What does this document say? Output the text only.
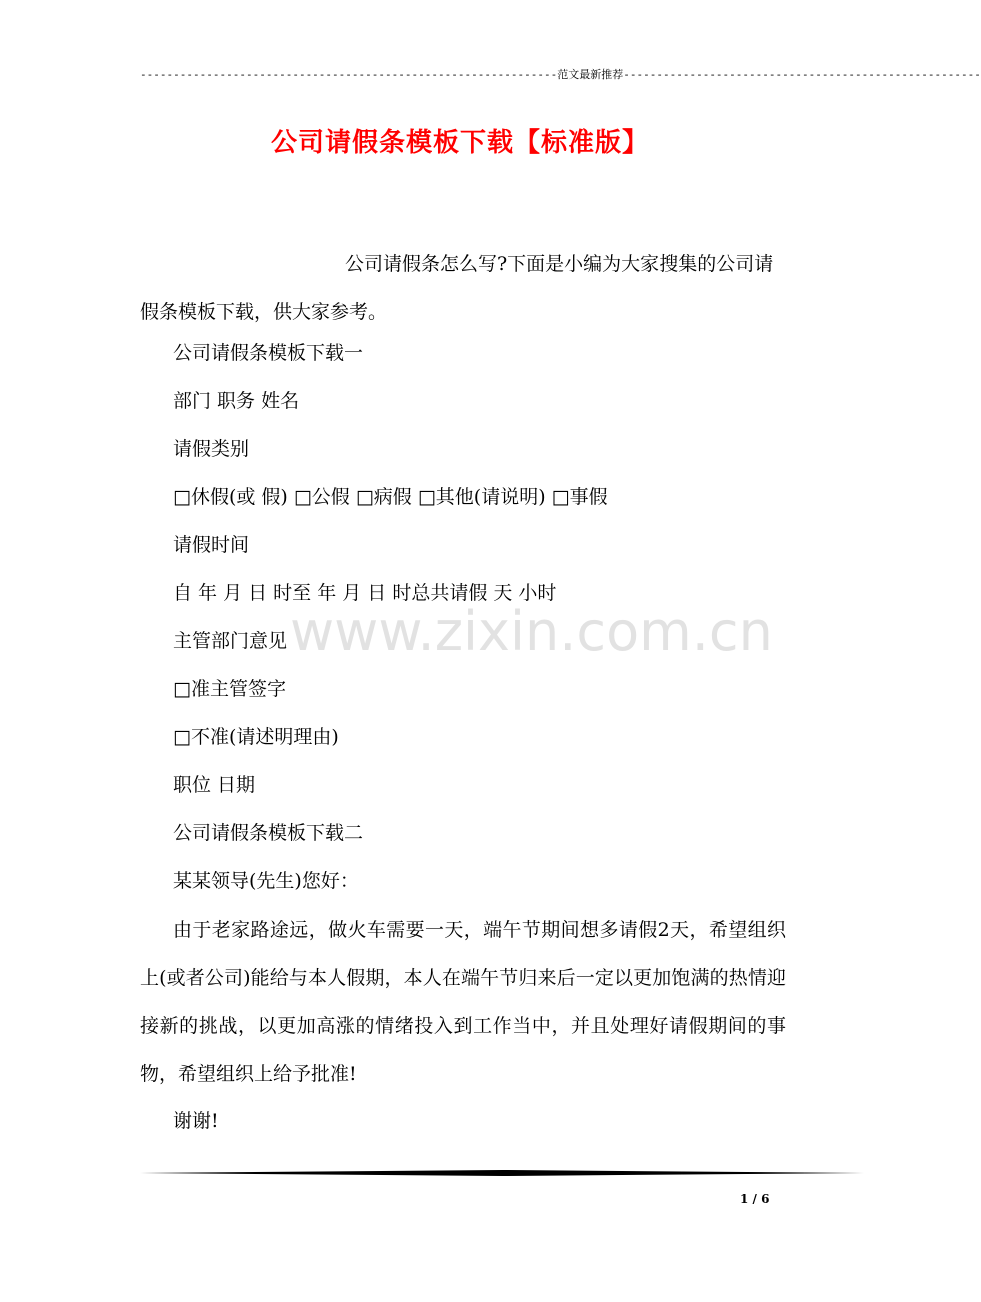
---------------------------------------------------------------范文最新推荐------------------------------------------------------
公司请假条模板下载【标准版】
公司请假条怎么写?下面是小编为大家搜集的公司请假条模板下载，供大家参考。
公司请假条模板下载一
部门 职务 姓名
请假类别
□休假(或 假) □公假 □病假 □其他(请说明) □事假
请假时间
自 年 月 日 时至 年 月 日 时总共请假 天 小时
主管部门意见
□准主管签字
□不准(请述明理由)
职位 日期
公司请假条模板下载二
某某领导(先生)您好：
由于老家路途远，做火车需要一天，端午节期间想多请假2天，希望组织上(或者公司)能给与本人假期，本人在端午节归来后一定以更加饱满的热情迎接新的挑战，以更加高涨的情绪投入到工作当中，并且处理好请假期间的事物，希望组织上给予批准!
谢谢!
www.zixin.com.cn
1 / 6
